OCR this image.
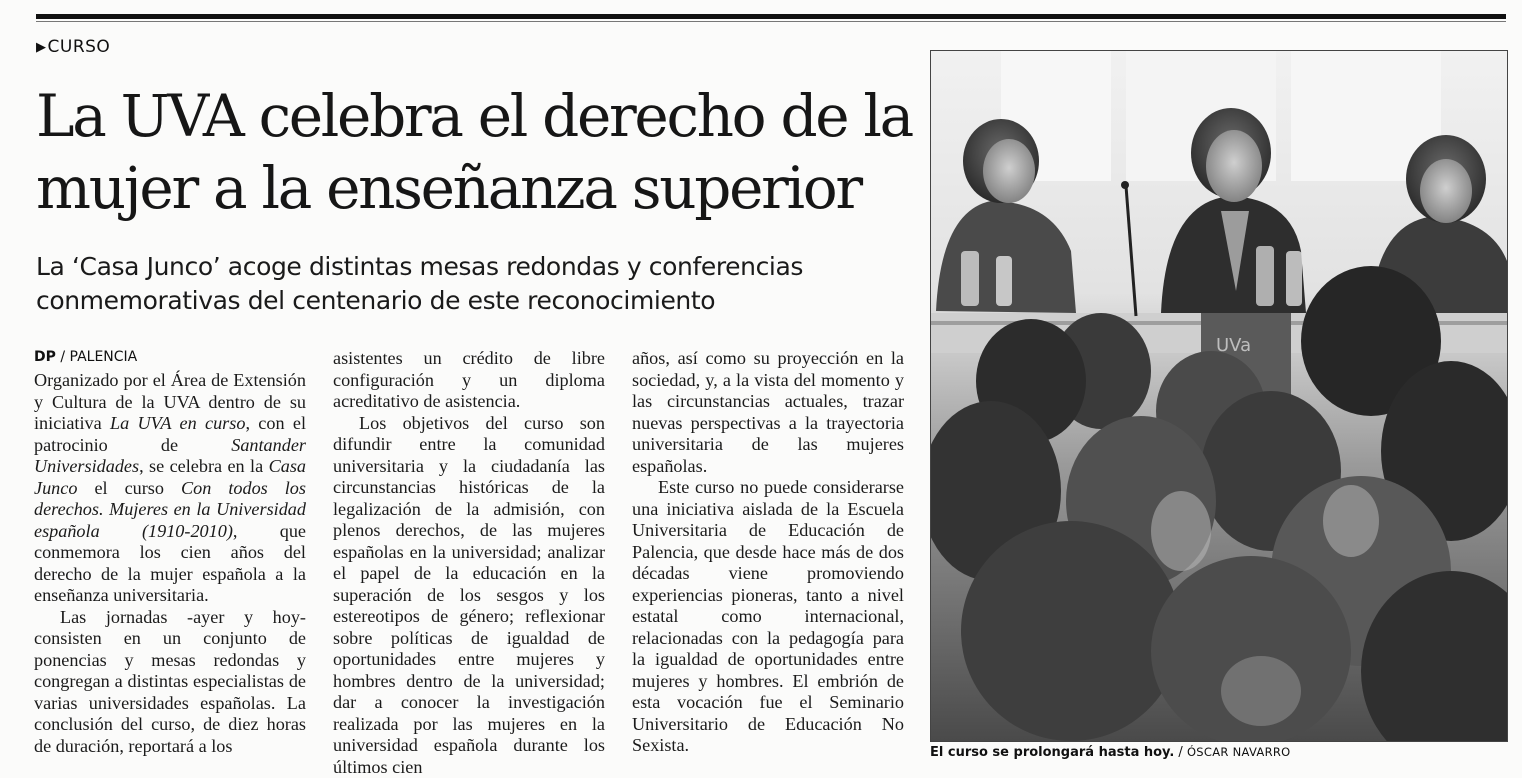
▶CURSO
La UVA celebra el derecho de la mujer a la enseñanza superior
La ‘Casa Junco’ acoge distintas mesas redondas y conferencias conmemorativas del centenario de este reconocimiento
DP / PALENCIA

Organizado por el Área de Extensión y Cultura de la UVA dentro de su iniciativa La UVA en curso, con el patrocinio de Santander Universidades, se celebra en la Casa Junco el curso Con todos los derechos. Mujeres en la Universidad española (1910-2010), que conmemora los cien años del derecho de la mujer española a la enseñanza universitaria.

Las jornadas -ayer y hoy- consisten en un conjunto de ponencias y mesas redondas y congregan a distintas especialistas de varias universidades españolas. La conclusión del curso, de diez horas de duración, reportará a los

asistentes un crédito de libre configuración y un diploma acreditativo de asistencia.

Los objetivos del curso son difundir entre la comunidad universitaria y la ciudadanía las circunstancias históricas de la legalización de la admisión, con plenos derechos, de las mujeres españolas en la universidad; analizar el papel de la educación en la superación de los sesgos y los estereotipos de género; reflexionar sobre políticas de igualdad de oportunidades entre mujeres y hombres dentro de la universidad; dar a conocer la investigación realizada por las mujeres en la universidad española durante los últimos cien

años, así como su proyección en la sociedad, y, a la vista del momento y las circunstancias actuales, trazar nuevas perspectivas a la trayectoria universitaria de las mujeres españolas.

Este curso no puede considerarse una iniciativa aislada de la Escuela Universitaria de Educación de Palencia, que desde hace más de dos décadas viene promoviendo experiencias pioneras, tanto a nivel estatal como internacional, relacionadas con la pedagogía para la igualdad de oportunidades entre mujeres y hombres. El embrión de esta vocación fue el Seminario Universitario de Educación No Sexista.

UVa
El curso se prolongará hasta hoy. / ÓSCAR NAVARRO
